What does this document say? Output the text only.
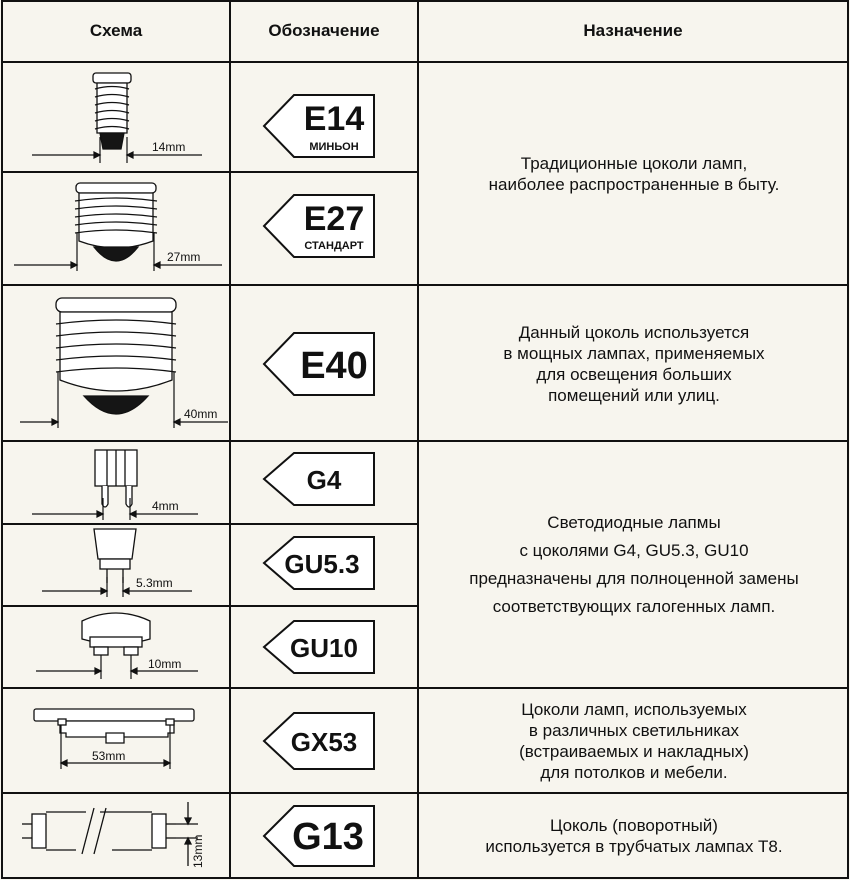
Схема	Обозначение	Назначение
14mm
27mm
40mm
4mm
5.3mm
10mm
53mm
13mm
E14
МИНЬОН
E27
СТАНДАРТ
E40
G4
GU5.3
GU10
GX53
G13
Традиционные цоколи ламп,
наиболее распространенные в быту.
Данный цоколь используется
в мощных лампах, применяемых
для освещения больших
помещений или улиц.
Светодиодные лапмы
с цоколями G4, GU5.3, GU10
предназначены для полноценной замены
соответствующих галогенных ламп.
Цоколи ламп, используемых
в различных светильниках
(встраиваемых и накладных)
для потолков и мебели.
Цоколь (поворотный)
используется в трубчатых лампах T8.
